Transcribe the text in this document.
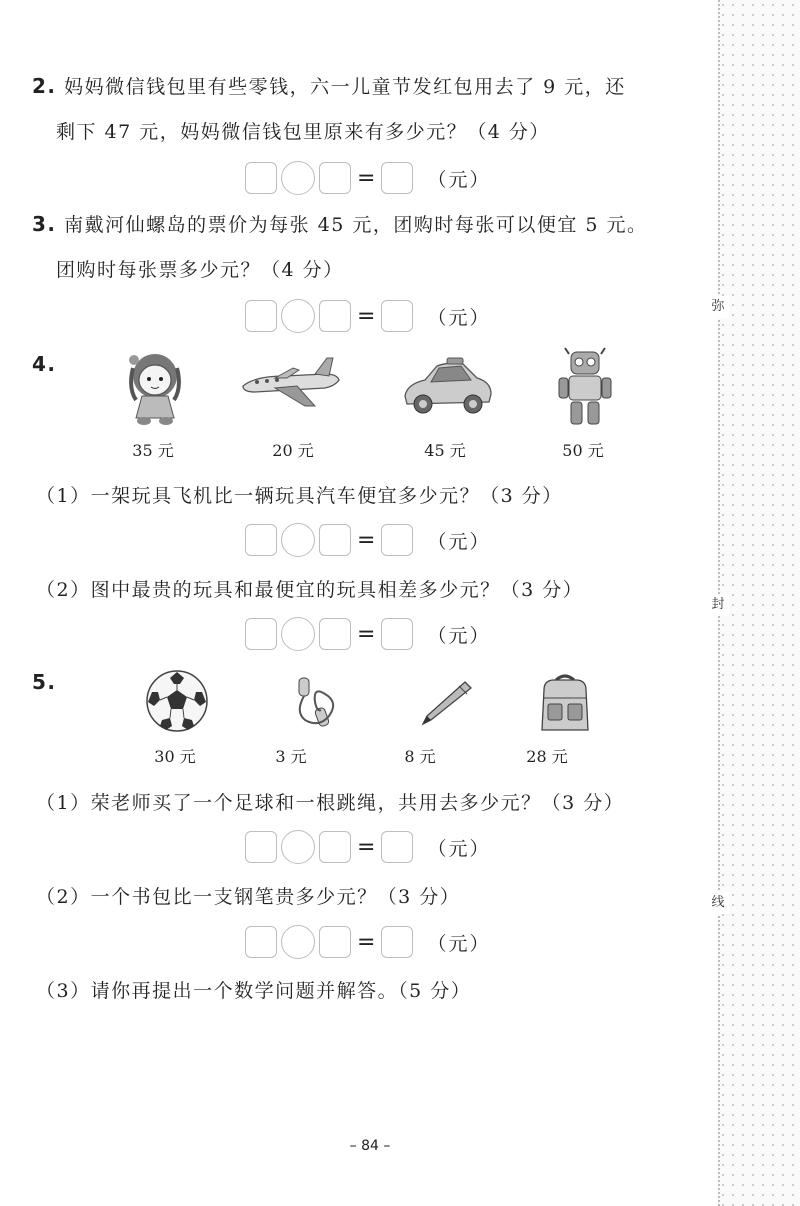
弥
封
线
2. 妈妈微信钱包里有些零钱，六一儿童节发红包用去了 9 元，还
剩下 47 元，妈妈微信钱包里原来有多少元？（4 分）
=	（元）
3. 南戴河仙螺岛的票价为每张 45 元，团购时每张可以便宜 5 元。
团购时每张票多少元？（4 分）
=	（元）
4.
35 元	20 元	45 元	50 元
（1）一架玩具飞机比一辆玩具汽车便宜多少元？（3 分）
=	（元）
（2）图中最贵的玩具和最便宜的玩具相差多少元？（3 分）
=	（元）
5.
30 元	3 元	8 元	28 元
（1）荣老师买了一个足球和一根跳绳，共用去多少元？（3 分）
=	（元）
（2）一个书包比一支钢笔贵多少元？（3 分）
=	（元）
（3）请你再提出一个数学问题并解答。（5 分）
– 84 –
